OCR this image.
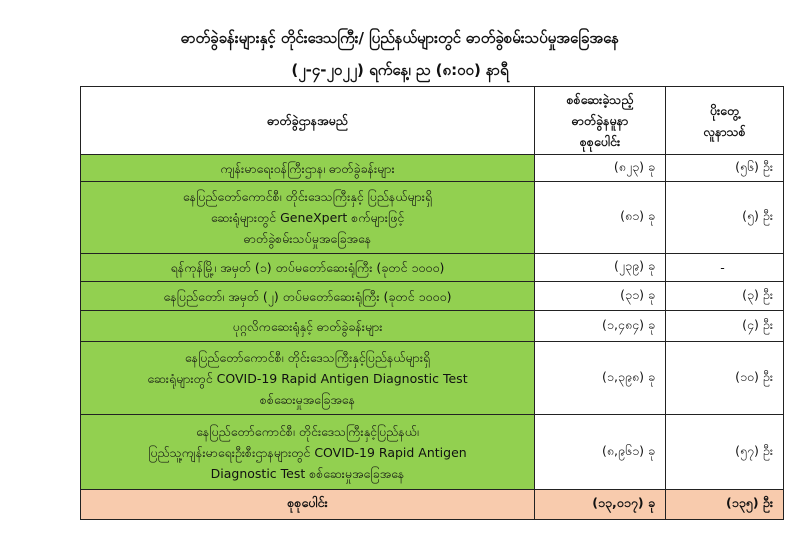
ဓာတ်ခွဲခန်းများနှင့် တိုင်းဒေသကြီး/ ပြည်နယ်များတွင် ဓာတ်ခွဲစမ်းသပ်မှုအခြေအနေ
(၂-၄-၂၀၂၂) ရက်နေ့၊ ည (၈:၀၀) နာရီ
ဓာတ်ခွဲဌာနအမည်	စစ်ဆေးခဲ့သည့်
ဓာတ်ခွဲနမူနာ
စုစုပေါင်း	ပိုးတွေ့
လူနာသစ်
ကျန်းမာရေးဝန်ကြီးဌာန၊ ဓာတ်ခွဲခန်းများ	(၈၂၃) ခု	(၅၆) ဦး
နေပြည်တော်ကောင်စီ၊ တိုင်းဒေသကြီးနှင့် ပြည်နယ်များရှိ
ဆေးရုံများတွင် GeneXpert စက်များဖြင့်
ဓာတ်ခွဲစမ်းသပ်မှုအခြေအနေ	(၈၁) ခု	(၅) ဦး
ရန်ကုန်မြို့၊ အမှတ် (၁) တပ်မတော်ဆေးရုံကြီး (ခုတင် ၁၀၀၀)	(၂၃၉) ခု	-
နေပြည်တော်၊ အမှတ် (၂) တပ်မတော်ဆေးရုံကြီး (ခုတင် ၁၀၀၀)	(၃၁) ခု	(၃) ဦး
ပုဂ္ဂလိကဆေးရုံနှင့် ဓာတ်ခွဲခန်းများ	(၁,၄၈၄) ခု	(၄) ဦး
နေပြည်တော်ကောင်စီ၊ တိုင်းဒေသကြီးနှင့်ပြည်နယ်များရှိ
ဆေးရုံများတွင် COVID-19 Rapid Antigen Diagnostic Test
စစ်ဆေးမှုအခြေအနေ	(၁,၃၉၈) ခု	(၁၀) ဦး
နေပြည်တော်ကောင်စီ၊ တိုင်းဒေသကြီးနှင့်ပြည်နယ်၊
ပြည်သူ့ကျန်းမာရေးဦးစီးဌာနများတွင် COVID-19 Rapid Antigen
Diagnostic Test စစ်ဆေးမှုအခြေအနေ	(၈,၉၆၁) ခု	(၅၇) ဦး
စုစုပေါင်း	(၁၃,၀၁၇) ခု	(၁၃၅) ဦး
